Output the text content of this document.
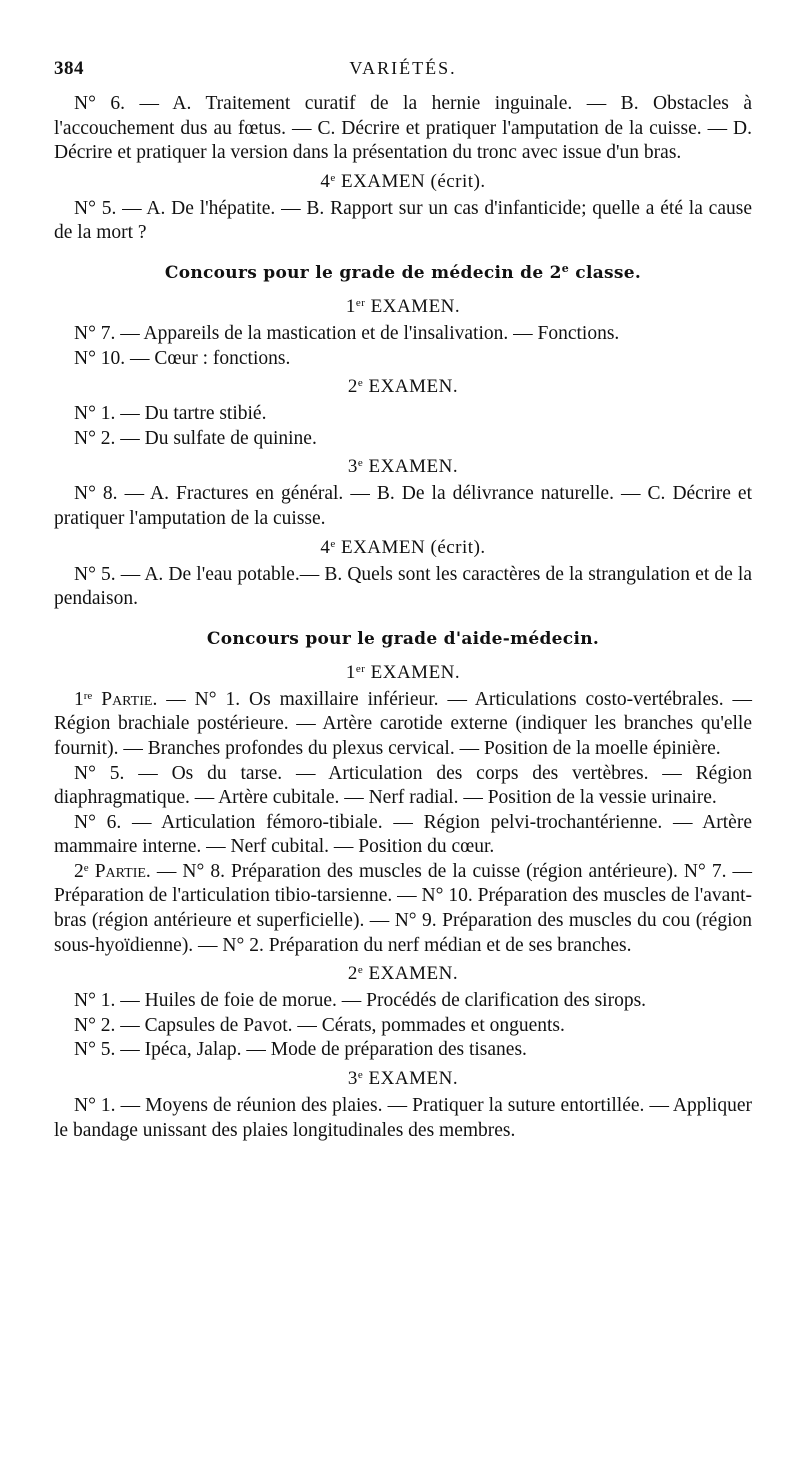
384	VARIÉTÉS.

N° 6. — A. Traitement curatif de la hernie inguinale. — B. Obstacles à l'accouchement dus au fœtus. — C. Décrire et pratiquer l'amputation de la cuisse. — D. Décrire et pratiquer la version dans la présentation du tronc avec issue d'un bras.

4e EXAMEN (écrit).

N° 5. — A. De l'hépatite. — B. Rapport sur un cas d'infanticide; quelle a été la cause de la mort ?

Concours pour le grade de médecin de 2e classe.
1er EXAMEN.

N° 7. — Appareils de la mastication et de l'insalivation. — Fonctions.

N° 10. — Cœur : fonctions.

2e EXAMEN.

N° 1. — Du tartre stibié.

N° 2. — Du sulfate de quinine.

3e EXAMEN.

N° 8. — A. Fractures en général. — B. De la délivrance naturelle. — C. Décrire et pratiquer l'amputation de la cuisse.

4e EXAMEN (écrit).

N° 5. — A. De l'eau potable.— B. Quels sont les caractères de la strangulation et de la pendaison.

Concours pour le grade d'aide-médecin.
1er EXAMEN.

1re Partie. — N° 1. Os maxillaire inférieur. — Articulations costo-vertébrales. — Région brachiale postérieure. — Artère carotide externe (indiquer les branches qu'elle fournit). — Branches profondes du plexus cervical. — Position de la moelle épinière.

N° 5. — Os du tarse. — Articulation des corps des vertèbres. — Région diaphragmatique. — Artère cubitale. — Nerf radial. — Position de la vessie urinaire.

N° 6. — Articulation fémoro-tibiale. — Région pelvi-trochantérienne. — Artère mammaire interne. — Nerf cubital. — Position du cœur.

2e Partie. — N° 8. Préparation des muscles de la cuisse (région antérieure). N° 7. — Préparation de l'articulation tibio-tarsienne. — N° 10. Préparation des muscles de l'avant-bras (région antérieure et superficielle). — N° 9. Préparation des muscles du cou (région sous-hyoïdienne). — N° 2. Préparation du nerf médian et de ses branches.

2e EXAMEN.

N° 1. — Huiles de foie de morue. — Procédés de clarification des sirops.

N° 2. — Capsules de Pavot. — Cérats, pommades et onguents.

N° 5. — Ipéca, Jalap. — Mode de préparation des tisanes.

3e EXAMEN.

N° 1. — Moyens de réunion des plaies. — Pratiquer la suture entortillée. — Appliquer le bandage unissant des plaies longitudinales des membres.
